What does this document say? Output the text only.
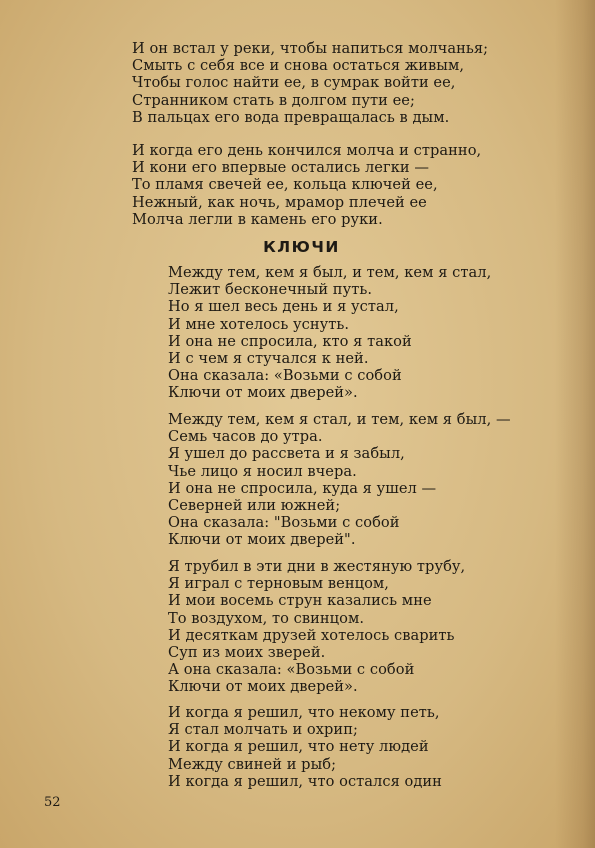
И он встал у реки, чтобы напиться молчанья;
Смыть с себя все и снова остаться живым,
Чтобы голос найти ее, в сумрак войти ее,
Странником стать в долгом пути ее;
В пальцах его вода превращалась в дым.
И когда его день кончился молча и странно,
И кони его впервые остались легки —
То пламя свечей ее, кольца ключей ее,
Нежный, как ночь, мрамор плечей ее
Молча легли в камень его руки.
КЛЮЧИ
Между тем, кем я был, и тем, кем я стал,
Лежит бесконечный путь.
Но я шел весь день и я устал,
И мне хотелось уснуть.
И она не спросила, кто я такой
И с чем я стучался к ней.
Она сказала: «Возьми с собой
Ключи от моих дверей».
Между тем, кем я стал, и тем, кем я был, —
Семь часов до утра.
Я ушел до рассвета и я забыл,
Чье лицо я носил вчера.
И она не спросила, куда я ушел —
Северней или южней;
Она сказала: "Возьми с собой
Ключи от моих дверей".
Я трубил в эти дни в жестяную трубу,
Я играл с терновым венцом,
И мои восемь струн казались мне
То воздухом, то свинцом.
И десяткам друзей хотелось сварить
Суп из моих зверей.
А она сказала: «Возьми с собой
Ключи от моих дверей».
И когда я решил, что некому петь,
Я стал молчать и охрип;
И когда я решил, что нету людей
Между свиней и рыб;
И когда я решил, что остался один
52
